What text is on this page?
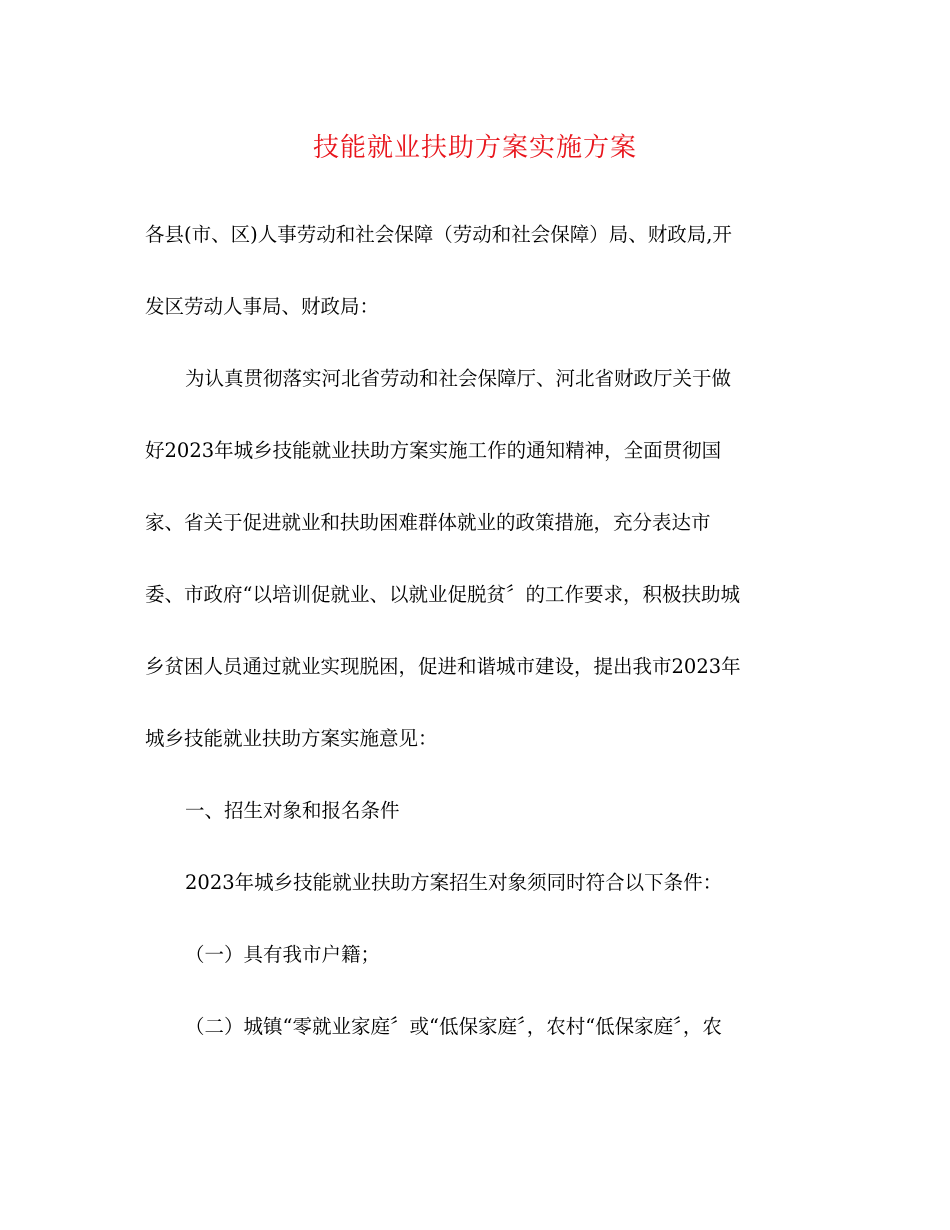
技能就业扶助方案实施方案
各县(市、区)人事劳动和社会保障（劳动和社会保障）局、财政局,开
发区劳动人事局、财政局：
为认真贯彻落实河北省劳动和社会保障厅、河北省财政厅关于做
好2023年城乡技能就业扶助方案实施工作的通知精神，全面贯彻国
家、省关于促进就业和扶助困难群体就业的政策措施，充分表达市
委、市政府“以培训促就业、以就业促脱贫〞的工作要求，积极扶助城
乡贫困人员通过就业实现脱困，促进和谐城市建设，提出我市2023年
城乡技能就业扶助方案实施意见：
一、招生对象和报名条件
2023年城乡技能就业扶助方案招生对象须同时符合以下条件：
（一）具有我市户籍；
（二）城镇“零就业家庭〞或“低保家庭〞，农村“低保家庭〞，农
